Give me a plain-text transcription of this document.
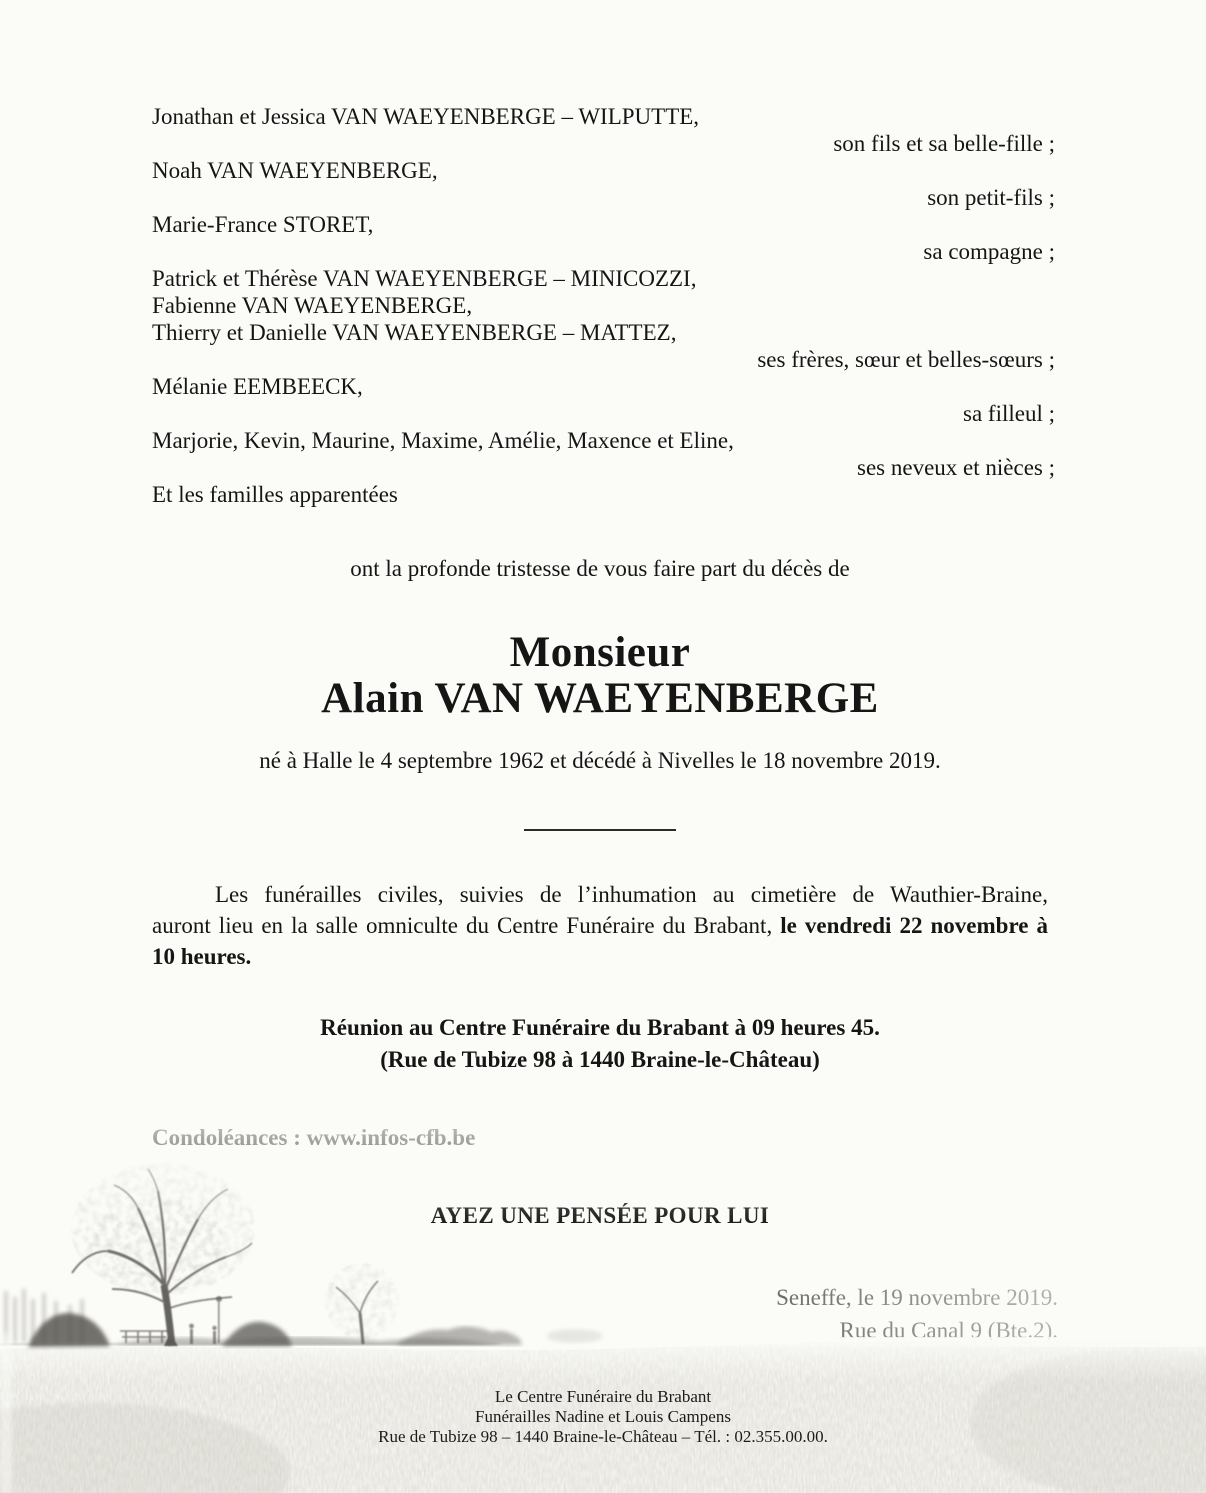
Jonathan et Jessica VAN WAEYENBERGE – WILPUTTE,
son fils et sa belle-fille ;
Noah VAN WAEYENBERGE,
son petit-fils ;
Marie-France STORET,
sa compagne ;
Patrick et Thérèse VAN WAEYENBERGE – MINICOZZI,
Fabienne VAN WAEYENBERGE,
Thierry et Danielle VAN WAEYENBERGE – MATTEZ,
ses frères, sœur et belles-sœurs ;
Mélanie EEMBEECK,
sa filleul ;
Marjorie, Kevin, Maurine, Maxime, Amélie, Maxence et Eline,
ses neveux et nièces ;
Et les familles apparentées
ont la profonde tristesse de vous faire part du décès de
Monsieur
Alain VAN WAEYENBERGE
né à Halle le 4 septembre 1962 et décédé à Nivelles le 18 novembre 2019.
Les funérailles civiles, suivies de l’inhumation au cimetière de Wauthier-Braine,
auront lieu en la salle omniculte du Centre Funéraire du Brabant, le vendredi 22 novembre à
10 heures.
Réunion au Centre Funéraire du Brabant à 09 heures 45.
(Rue de Tubize 98 à 1440 Braine-le-Château)
Le Centre Funéraire du Brabant
Funérailles Nadine et Louis Campens
Rue de Tubize 98 – 1440 Braine-le-Château – Tél. : 02.355.00.00.
